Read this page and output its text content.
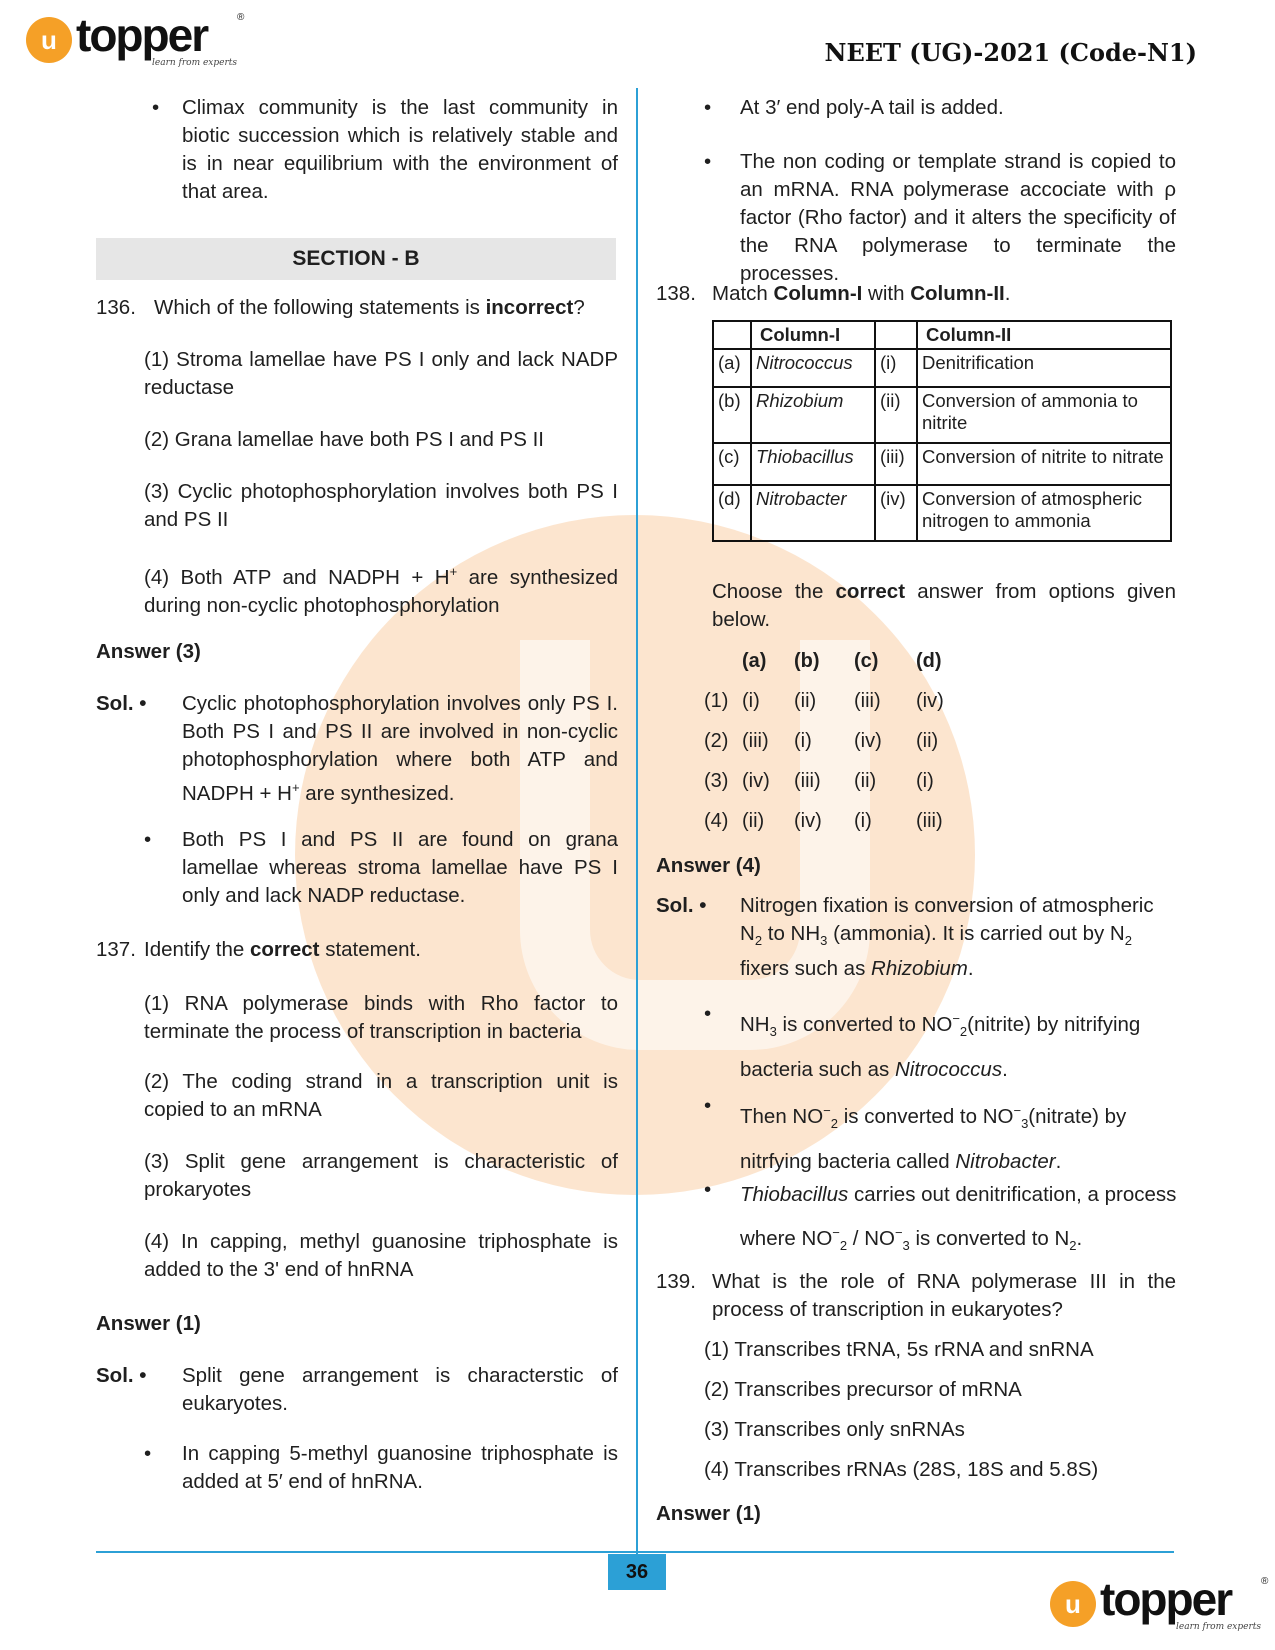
u topper
learn from experts
®
NEET (UG)-2021 (Code-N1)
• Climax community is the last community in biotic succession which is relatively stable and is in near equilibrium with the environment of that area.
SECTION - B
136. Which of the following statements is incorrect?
(1) Stroma lamellae have PS I only and lack NADP reductase
(2) Grana lamellae have both PS I and PS II
(3) Cyclic photophosphorylation involves both PS I and PS II
(4) Both ATP and NADPH + H+ are synthesized during non-cyclic photophosphorylation
Answer (3)
Sol. • Cyclic photophosphorylation involves only PS I. Both PS I and PS II are involved in non-cyclic photophosphorylation where both ATP and NADPH + H+ are synthesized.
• Both PS I and PS II are found on grana lamellae whereas stroma lamellae have PS I only and lack NADP reductase.
137. Identify the correct statement.
(1) RNA polymerase binds with Rho factor to terminate the process of transcription in bacteria
(2) The coding strand in a transcription unit is copied to an mRNA
(3) Split gene arrangement is characteristic of prokaryotes
(4) In capping, methyl guanosine triphosphate is added to the 3' end of hnRNA
Answer (1)
Sol. • Split gene arrangement is characterstic of eukaryotes.
• In capping 5-methyl guanosine triphosphate is added at 5′ end of hnRNA.
• At 3′ end poly-A tail is added.
• The non coding or template strand is copied to an mRNA. RNA polymerase accociate with ρ factor (Rho factor) and it alters the specificity of the RNA polymerase to terminate the processes.
138. Match Column-I with Column-II.
	Column-I		Column-II
(a)	Nitrococcus	(i)	Denitrification
(b)	Rhizobium	(ii)	Conversion of ammonia to nitrite
(c)	Thiobacillus	(iii)	Conversion of nitrite to nitrate
(d)	Nitrobacter	(iv)	Conversion of atmospheric nitrogen to ammonia
Choose the correct answer from options given below.
(a) (b) (c) (d)
(1) (i) (ii) (iii) (iv)
(2) (iii) (i) (iv) (ii)
(3) (iv) (iii) (ii) (i)
(4) (ii) (iv) (i) (iii)
Answer (4)
Sol. • Nitrogen fixation is conversion of atmospheric $N_2$ to $NH_3$ (ammonia). It is carried out by $N_2$ fixers such as Rhizobium.
• $NH_3$ is converted to $NO^-_2(nitrite)$ by nitrifying bacteria such as Nitrococcus.
• Then $NO^-_2$ is converted to $NO^-_3(nitrate)$ by nitrfying bacteria called Nitrobacter.
• Thiobacillus carries out denitrification, a process where $NO^-_2 / NO^-_3$ is converted to $N_2$.
139. What is the role of RNA polymerase III in the process of transcription in eukaryotes?
(1) Transcribes tRNA, 5s rRNA and snRNA
(2) Transcribes precursor of mRNA
(3) Transcribes only snRNAs
(4) Transcribes rRNAs (28S, 18S and 5.8S)
Answer (1)
36
u topper
learn from experts
®
